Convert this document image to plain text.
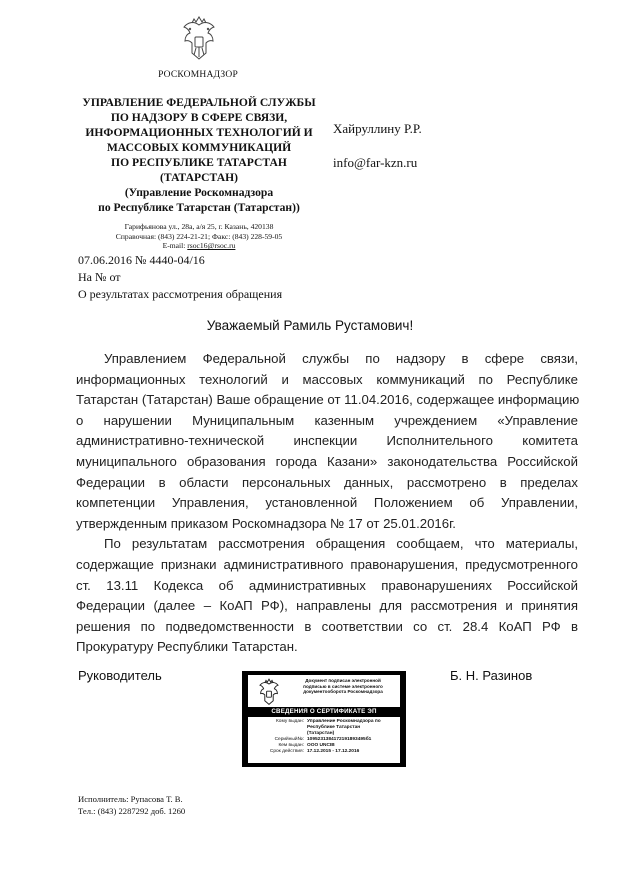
РОСКОМНАДЗОР
УПРАВЛЕНИЕ ФЕДЕРАЛЬНОЙ СЛУЖБЫ
ПО НАДЗОРУ В СФЕРЕ СВЯЗИ,
ИНФОРМАЦИОННЫХ ТЕХНОЛОГИЙ И
МАССОВЫХ КОММУНИКАЦИЙ
ПО РЕСПУБЛИКЕ ТАТАРСТАН
(ТАТАРСТАН)
(Управление Роскомнадзора
по Республике Татарстан (Татарстан))
Гарифьянова ул., 28а, а/я 25, г. Казань, 420138
Справочная: (843) 224-21-21; Факс: (843) 228-59-05
E-mail: rsoc16@rsoc.ru
Хайруллину Р.Р.
info@far-kzn.ru
07.06.2016 № 4440-04/16
На № от
О результатах рассмотрения обращения
Уважаемый Рамиль Рустамович!
Управлением Федеральной службы по надзору в сфере связи,
информационных технологий и массовых коммуникаций по Республике
Татарстан (Татарстан) Ваше обращение от 11.04.2016, содержащее информацию
о нарушении Муниципальным казенным учреждением «Управление
административно-технической инспекции Исполнительного комитета
муниципального образования города Казани» законодательства Российской
Федерации в области персональных данных, рассмотрено в пределах
компетенции Управления, установленной Положением об Управлении,
утвержденным приказом Роскомнадзора № 17 от 25.01.2016г.
По результатам рассмотрения обращения сообщаем, что материалы,
содержащие признаки административного правонарушения, предусмотренного
ст. 13.11 Кодекса об административных правонарушениях Российской
Федерации (далее – КоАП РФ), направлены для рассмотрения и принятия
решения по подведомственности в соответствии со ст. 28.4 КоАП РФ в
Прокуратуру Республики Татарстан.
Руководитель	Б. Н. Разинов
Документ подписан электронной
подписью в системе электронного
документооборота Роскомнадзора
СВЕДЕНИЯ О СЕРТИФИКАТЕ ЭП
Кому выдан: Управление Роскомнадзора по
Республике Татарстан
(Татарстан)
Серийный№: 1095231384172191893495б1
Кем выдан: ООО UNCIB
Срок действия: 17.12.2015 - 17.12.2016
Исполнитель: Рупасова Т. В.
Тел.: (843) 2287292 доб. 1260
